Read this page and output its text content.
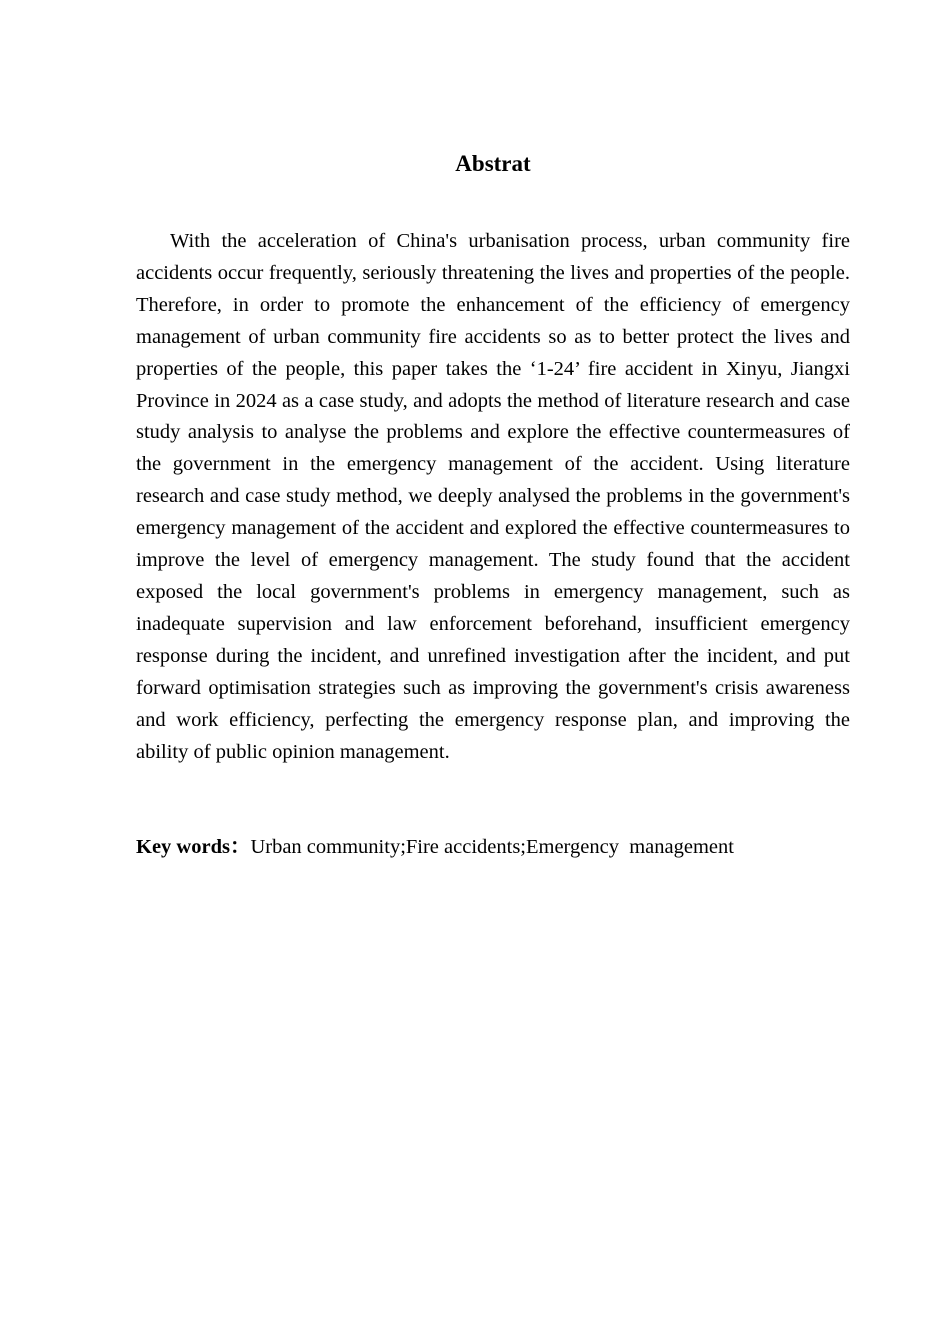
Abstrat

With the acceleration of China's urbanisation process, urban community fire accidents occur frequently, seriously threatening the lives and properties of the people. Therefore, in order to promote the enhancement of the efficiency of emergency management of urban community fire accidents so as to better protect the lives and properties of the people, this paper takes the ‘1-24’ fire accident in Xinyu, Jiangxi Province in 2024 as a case study, and adopts the method of literature research and case study analysis to analyse the problems and explore the effective countermeasures of the government in the emergency management of the accident. Using literature research and case study method, we deeply analysed the problems in the government's emergency management of the accident and explored the effective countermeasures to improve the level of emergency management. The study found that the accident exposed the local government's problems in emergency management, such as inadequate supervision and law enforcement beforehand, insufficient emergency response during the incident, and unrefined investigation after the incident, and put forward optimisation strategies such as improving the government's crisis awareness and work efficiency, perfecting the emergency response plan, and improving the ability of public opinion management.

Key words：Urban community;Fire accidents;Emergency  management
